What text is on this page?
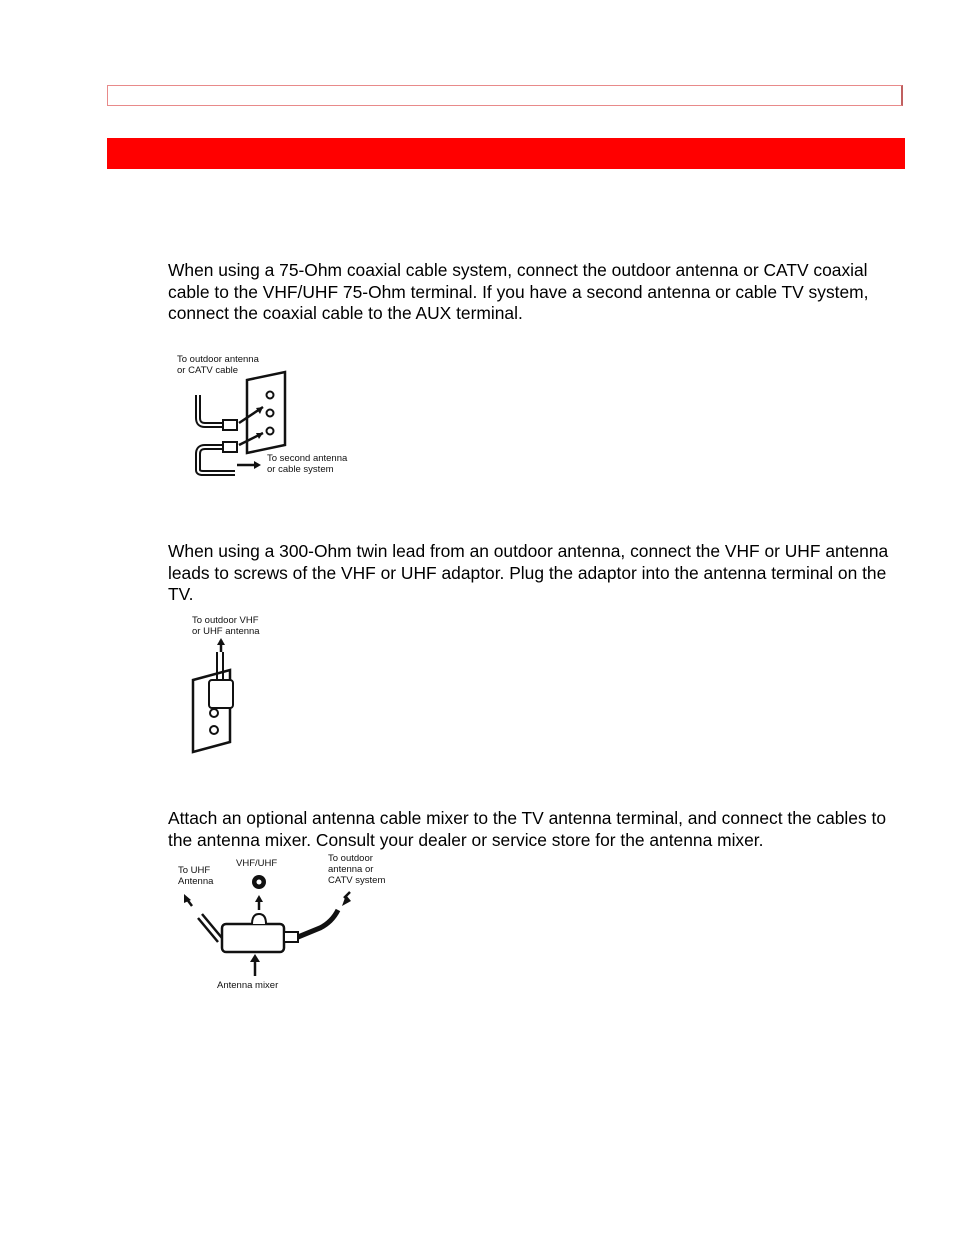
When using a 75-Ohm coaxial cable system, connect the outdoor antenna or CATV coaxial cable to the VHF/UHF 75-Ohm terminal. If you have a second antenna or cable TV system, connect the coaxial cable to the AUX terminal.
To outdoor antenna
or CATV cable
To second antenna
or cable system
When using a 300-Ohm twin lead from an outdoor antenna, connect the VHF or UHF antenna leads to screws of the VHF or UHF adaptor. Plug the adaptor into the antenna terminal on the TV.
To outdoor VHF
or UHF antenna
Attach an optional antenna cable mixer to the TV antenna terminal, and connect the cables to the antenna mixer. Consult your dealer or service store for the antenna mixer.
To UHF
Antenna
VHF/UHF	To outdoor
antenna or
CATV system
Antenna mixer
